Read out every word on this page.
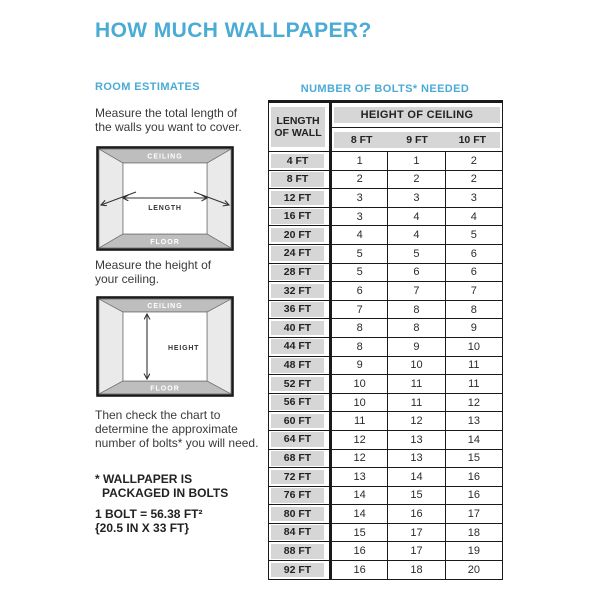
HOW MUCH WALLPAPER?
ROOM ESTIMATES
Measure the total length of
the walls you want to cover.
CEILING
FLOOR
LENGTH
Measure the height of
your ceiling.
CEILING
FLOOR
HEIGHT
Then check the chart to
determine the approximate
number of bolts* you will need.
* WALLPAPER IS
PACKAGED IN BOLTS
1 BOLT = 56.38 FT²
{20.5 IN X 33 FT}
NUMBER OF BOLTS* NEEDED
LENGTH
OF WALL	HEIGHT OF CEILING		

	8 FT 9 FT 10 FT		

4 FT	1	1	2

8 FT	2	2	2

12 FT	3	3	3

16 FT	3	4	4

20 FT	4	4	5

24 FT	5	5	6

28 FT	5	6	6

32 FT	6	7	7

36 FT	7	8	8

40 FT	8	8	9

44 FT	8	9	10

48 FT	9	10	11

52 FT	10	11	11

56 FT	10	11	12

60 FT	11	12	13

64 FT	12	13	14

68 FT	12	13	15

72 FT	13	14	16

76 FT	14	15	16

80 FT	14	16	17

84 FT	15	17	18

88 FT	16	17	19

92 FT	16	18	20
